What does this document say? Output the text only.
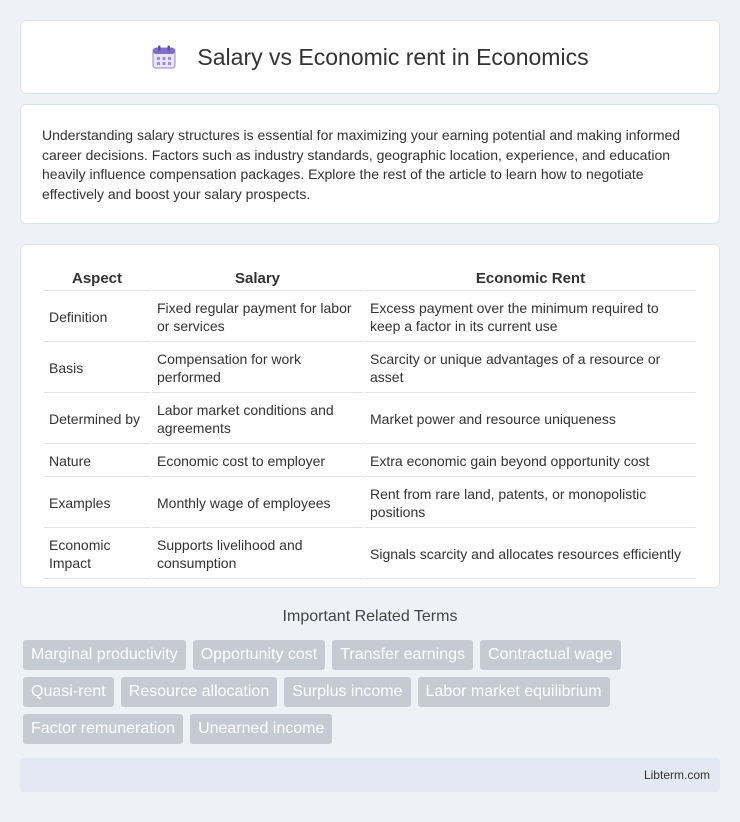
Salary vs Economic rent in Economics

Understanding salary structures is essential for maximizing your earning potential and making informed career decisions. Factors such as industry standards, geographic location, experience, and education heavily influence compensation packages. Explore the rest of the article to learn how to negotiate effectively and boost your salary prospects.

Aspect	Salary	Economic Rent
Definition	Fixed regular payment for labor or services	Excess payment over the minimum required to keep a factor in its current use
Basis	Compensation for work performed	Scarcity or unique advantages of a resource or asset
Determined by	Labor market conditions and agreements	Market power and resource uniqueness
Nature	Economic cost to employer	Extra economic gain beyond opportunity cost
Examples	Monthly wage of employees	Rent from rare land, patents, or monopolistic positions
Economic Impact	Supports livelihood and consumption	Signals scarcity and allocates resources efficiently
Important Related Terms
Marginal productivity	Opportunity cost	Transfer earnings	Contractual wage
Quasi-rent	Resource allocation	Surplus income	Labor market equilibrium
Factor remuneration	Unearned income
Libterm.com
